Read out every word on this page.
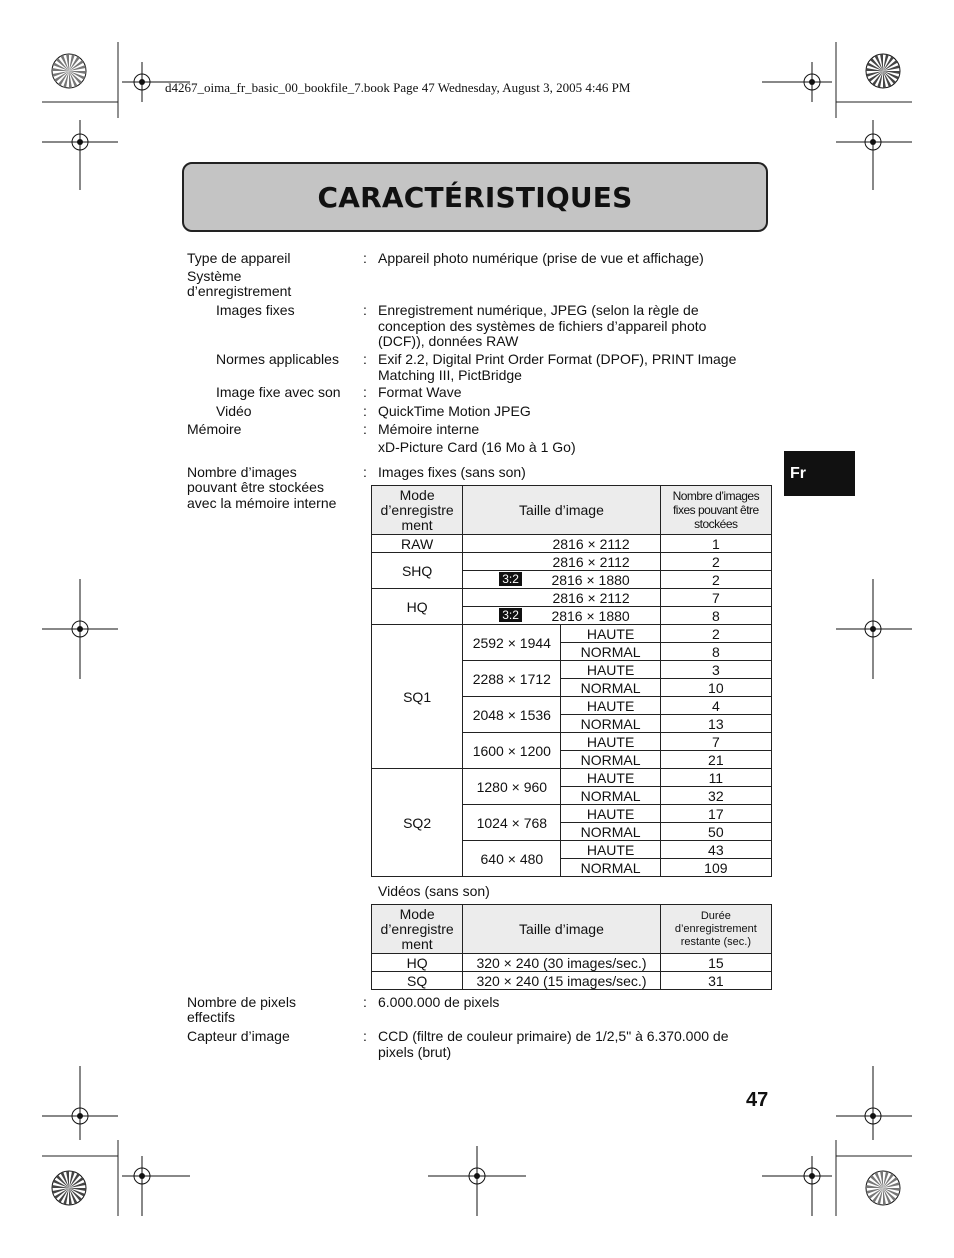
d4267_oima_fr_basic_00_bookfile_7.book Page 47 Wednesday, August 3, 2005 4:46 PM
CARACTÉRISTIQUES
Fr
Type de appareil	: Appareil photo numérique (prise de vue et affichage)
Système
d’enregistrement
Images fixes	: Enregistrement numérique, JPEG (selon la règle de conception des systèmes de fichiers d’appareil photo (DCF)), données RAW
Normes applicables : Exif 2.2, Digital Print Order Format (DPOF), PRINT Image Matching III, PictBridge
Image fixe avec son : Format Wave
Vidéo	: QuickTime Motion JPEG
Mémoire	: Mémoire interne
xD-Picture Card (16 Mo à 1 Go)
Nombre d’images
pouvant être stockées
avec la mémoire interne
: Images fixes (sans son)
Mode d’enregistre ment	Taille d’image		Nombre d’images fixes pouvant être stockées
RAW	2816 × 2112		1
SHQ	2816 × 2112		2

	3:2 2816 × 1880		2
HQ	2816 × 2112		7

	3:2 2816 × 1880		8
SQ1	2592 × 1944	HAUTE	2
		NORMAL	8
	2288 × 1712	HAUTE	3
		NORMAL	10
	2048 × 1536	HAUTE	4
		NORMAL	13
	1600 × 1200	HAUTE	7
		NORMAL	21
SQ2	1280 × 960	HAUTE	11
		NORMAL	32
	1024 × 768	HAUTE	17
		NORMAL	50
	640 × 480	HAUTE	43
		NORMAL	109
Vidéos (sans son)
Mode d’enregistre ment	Taille d’image	Durée d’enregistrement restante (sec.)
HQ	320 × 240 (30 images/sec.)	15
SQ	320 × 240 (15 images/sec.)	31
Nombre de pixels
effectifs
: 6.000.000 de pixels
Capteur d’image	: CCD (filtre de couleur primaire) de 1/2,5" à 6.370.000 de pixels (brut)
47
